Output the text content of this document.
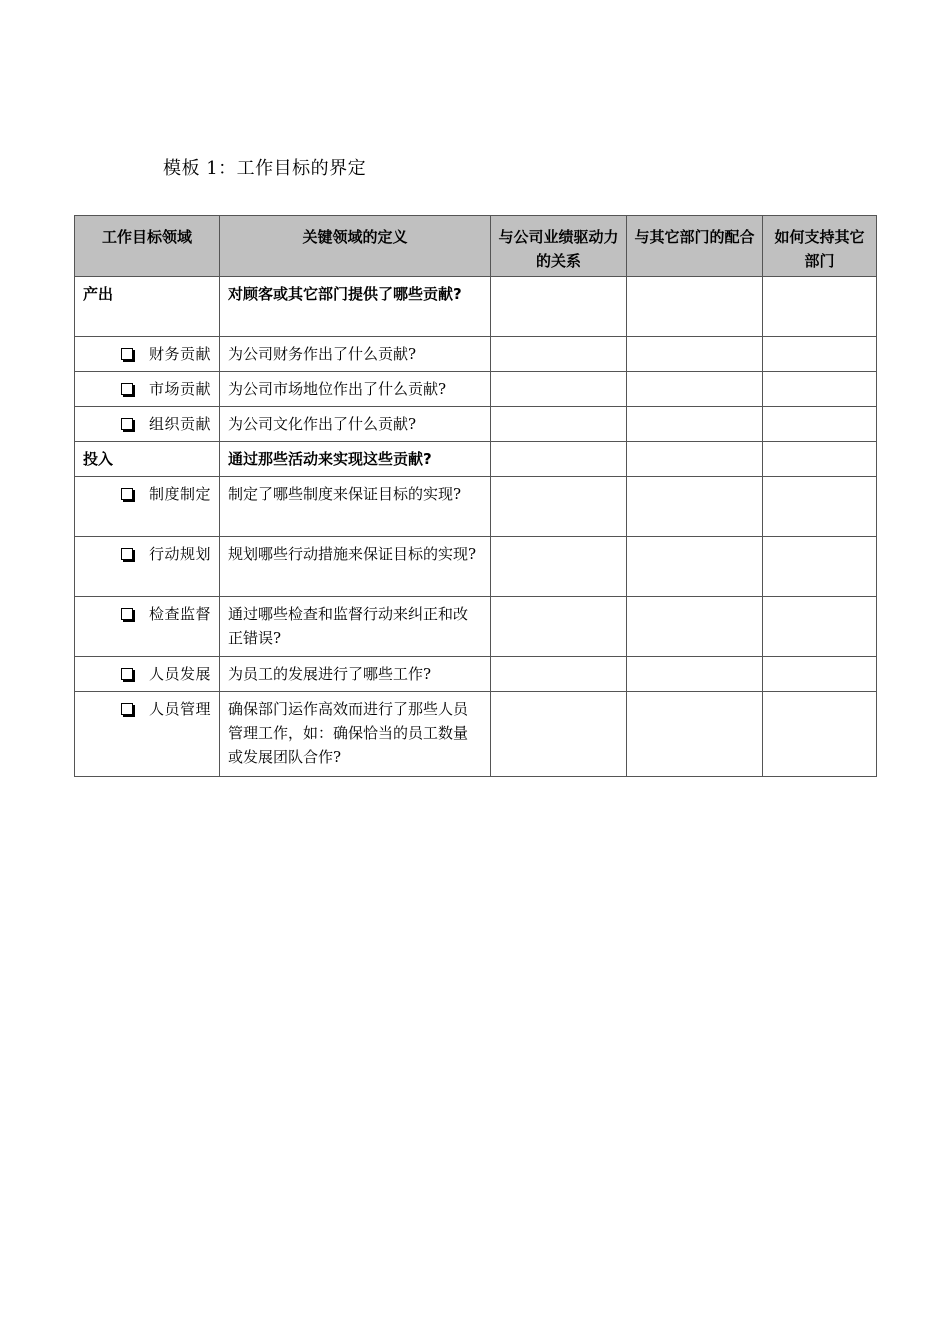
模板 1：工作目标的界定
工作目标领域	关键领域的定义	与公司业绩驱动力的关系	与其它部门的配合	如何支持其它部门
产出	对顾客或其它部门提供了哪些贡献?			
财务贡献	为公司财务作出了什么贡献?			
市场贡献	为公司市场地位作出了什么贡献?			
组织贡献	为公司文化作出了什么贡献?			
投入	通过那些活动来实现这些贡献?			
制度制定	制定了哪些制度来保证目标的实现?			
行动规划	规划哪些行动措施来保证目标的实现?			
检查监督	通过哪些检查和监督行动来纠正和改正错误?			
人员发展	为员工的发展进行了哪些工作?			
人员管理	确保部门运作高效而进行了那些人员管理工作，如：确保恰当的员工数量或发展团队合作?			
